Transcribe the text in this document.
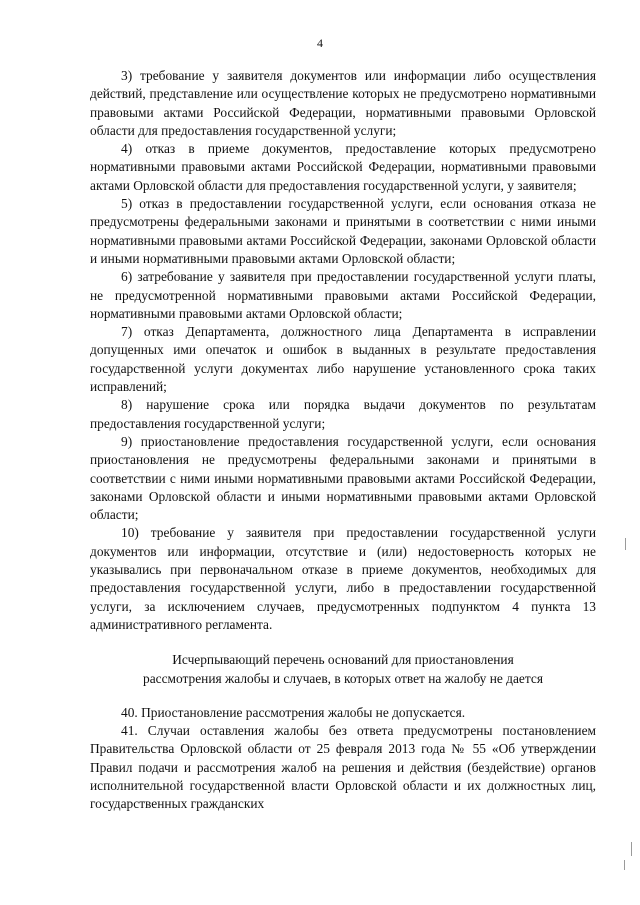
4

3) требование у заявителя документов или информации либо осуществления действий, представление или осуществление которых не предусмотрено нормативными правовыми актами Российской Федерации, нормативными правовыми Орловской области для предоставления государственной услуги;

4) отказ в приеме документов, предоставление которых предусмотрено нормативными правовыми актами Российской Федерации, нормативными правовыми актами Орловской области для предоставления государственной услуги, у заявителя;

5) отказ в предоставлении государственной услуги, если основания отказа не предусмотрены федеральными законами и принятыми в соответствии с ними иными нормативными правовыми актами Российской Федерации, законами Орловской области и иными нормативными правовыми актами Орловской области;

6) затребование у заявителя при предоставлении государственной услуги платы, не предусмотренной нормативными правовыми актами Российской Федерации, нормативными правовыми актами Орловской области;

7) отказ Департамента, должностного лица Департамента в исправлении допущенных ими опечаток и ошибок в выданных в результате предоставления государственной услуги документах либо нарушение установленного срока таких исправлений;

8) нарушение срока или порядка выдачи документов по результатам предоставления государственной услуги;

9) приостановление предоставления государственной услуги, если основания приостановления не предусмотрены федеральными законами и принятыми в соответствии с ними иными нормативными правовыми актами Российской Федерации, законами Орловской области и иными нормативными правовыми актами Орловской области;

10) требование у заявителя при предоставлении государственной услуги документов или информации, отсутствие и (или) недостоверность которых не указывались при первоначальном отказе в приеме документов, необходимых для предоставления государственной услуги, либо в предоставлении государственной услуги, за исключением случаев, предусмотренных подпунктом 4 пункта 13 административного регламента.

Исчерпывающий перечень оснований для приостановления
рассмотрения жалобы и случаев, в которых ответ на жалобу не дается

40. Приостановление рассмотрения жалобы не допускается.

41. Случаи оставления жалобы без ответа предусмотрены постановлением Правительства Орловской области от 25 февраля 2013 года № 55 «Об утверждении Правил подачи и рассмотрения жалоб на решения и действия (бездействие) органов исполнительной государственной власти Орловской области и их должностных лиц, государственных гражданских
